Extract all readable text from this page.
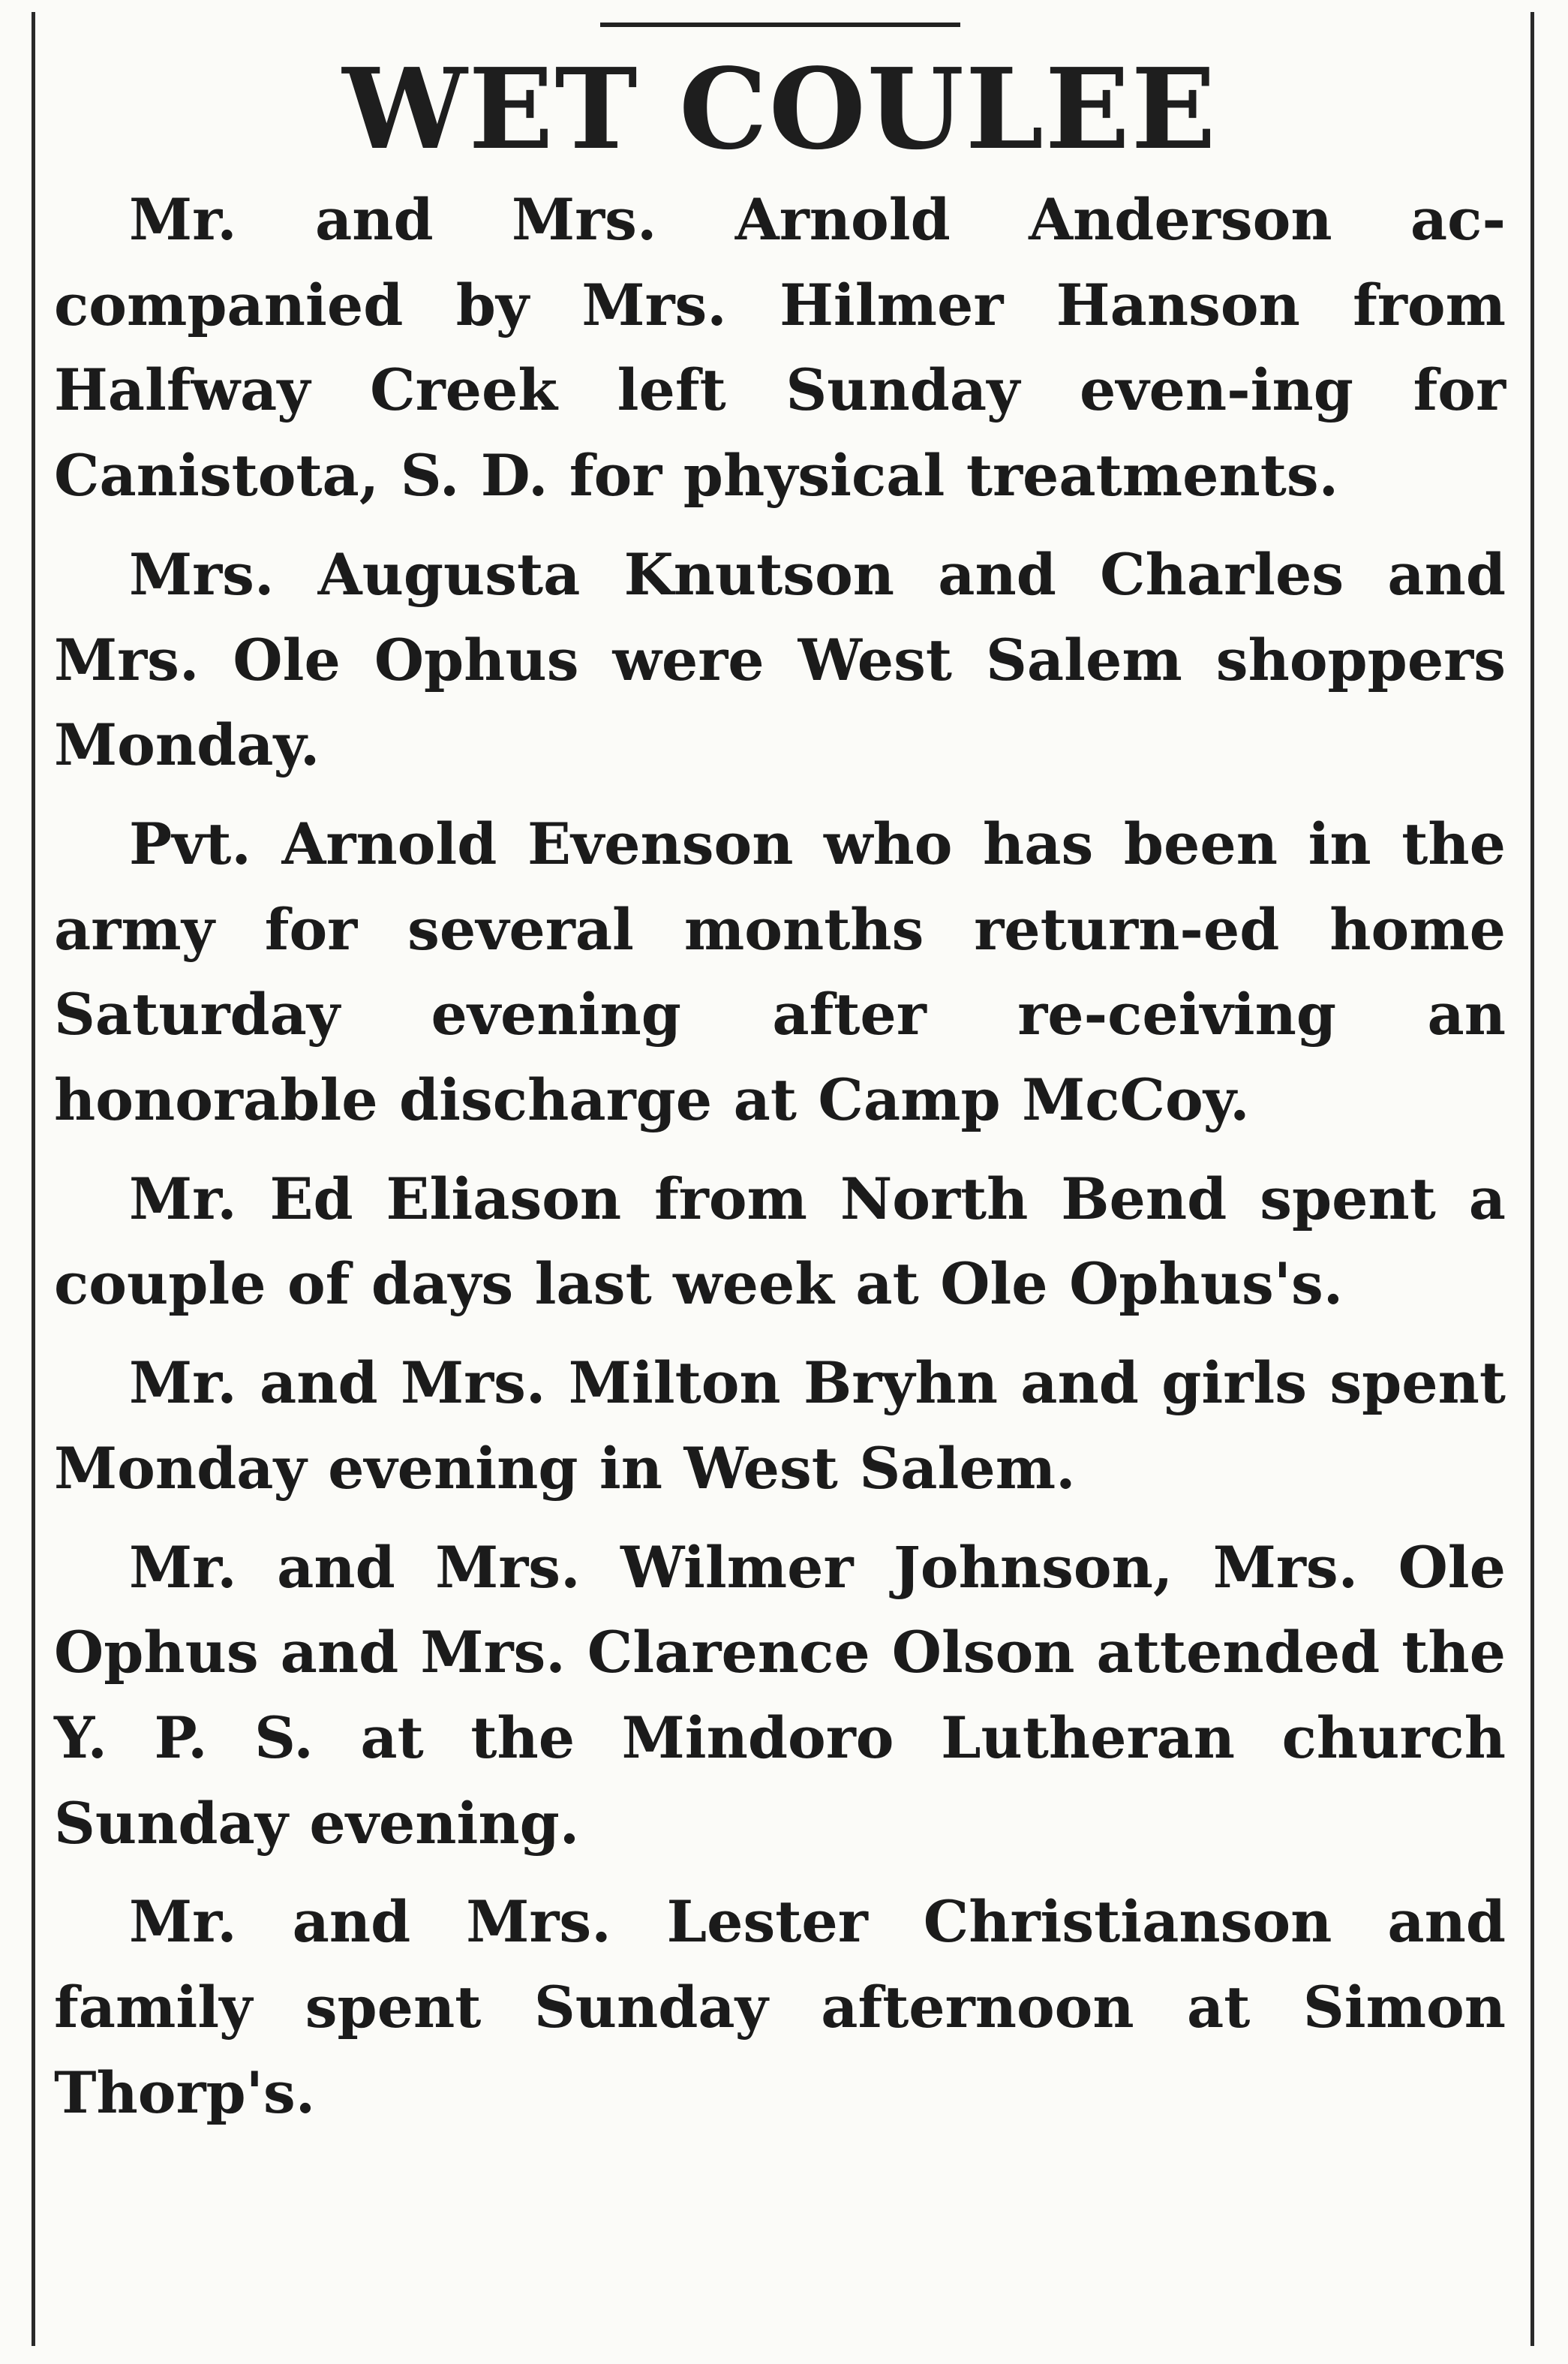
WET COULEE

Mr. and Mrs. Arnold Anderson ac-companied by Mrs. Hilmer Hanson from Halfway Creek left Sunday even-ing for Canistota, S. D. for physical treatments.

Mrs. Augusta Knutson and Charles and Mrs. Ole Ophus were West Salem shoppers Monday.

Pvt. Arnold Evenson who has been in the army for several months return-ed home Saturday evening after re-ceiving an honorable discharge at Camp McCoy.

Mr. Ed Eliason from North Bend spent a couple of days last week at Ole Ophus's.

Mr. and Mrs. Milton Bryhn and girls spent Monday evening in West Salem.

Mr. and Mrs. Wilmer Johnson, Mrs. Ole Ophus and Mrs. Clarence Olson attended the Y. P. S. at the Mindoro Lutheran church Sunday evening.

Mr. and Mrs. Lester Christianson and family spent Sunday afternoon at Simon Thorp's.
